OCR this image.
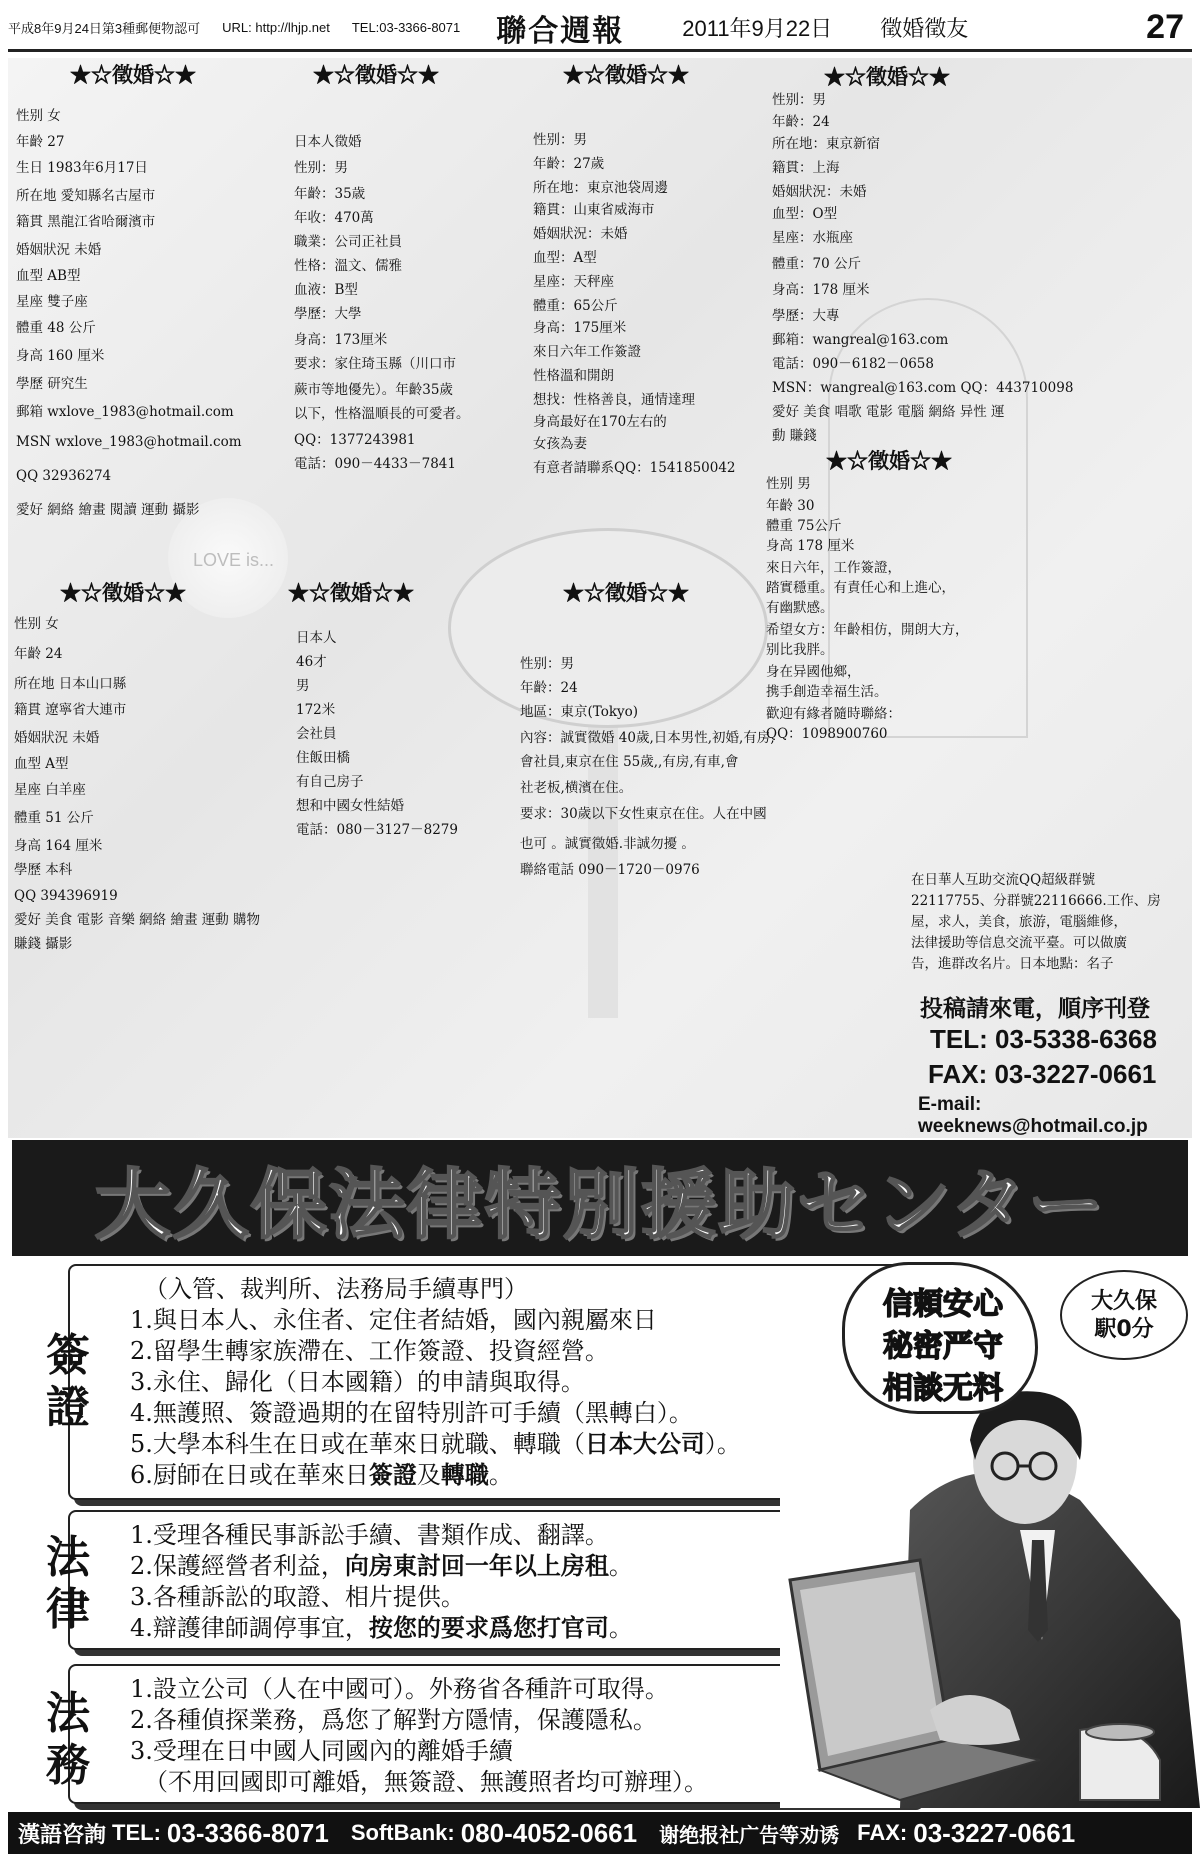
平成8年9月24日第3種郵便物認可 URL: http://lhjp.net TEL:03-3366-8071 聯合週報	2011年9月22日 徵婚徵友	27
LOVE is...
★☆徵婚☆★
性别 女
年齡 27
生日 1983年6月17日
所在地 愛知縣名古屋市
籍貫 黑龍江省哈爾濱市
婚姻狀況 未婚
血型 AB型
星座 雙子座
體重 48 公斤
身高 160 厘米
學歷 研究生
郵箱 wxlove_1983@hotmail.com
MSN wxlove_1983@hotmail.com
QQ 32936274
愛好 網絡 繪畫 閱讀 運動 攝影
★☆徵婚☆★
日本人徵婚
性别：男
年齡：35歳
年收：470萬
職業：公司正社員
性格：溫文、儒雅
血液：B型
學歷：大學
身高：173厘米
要求：家住琦玉縣（川口市
蕨市等地優先）。年齡35歲
以下，性格溫順長的可愛者。
QQ：1377243981
電話：090－4433－7841
★☆徵婚☆★
性别：男
年齡：27歲
所在地：東京池袋周邊
籍貫：山東省威海市
婚姻狀況：未婚
血型：A型
星座：天秤座
體重：65公斤
身高：175厘米
來日六年工作簽證
性格溫和開朗
想找：性格善良，通情達理
身高最好在170左右的
女孩為妻
有意者請聯系QQ：1541850042
★☆徵婚☆★
性别：男
年齡：24
所在地：東京新宿
籍貫：上海
婚姻狀況：未婚
血型：O型
星座：水瓶座
體重：70 公斤
身高：178 厘米
學歷：大專
郵箱：wangreal@163.com
電話：090－6182－0658
MSN：wangreal@163.com QQ：443710098
愛好 美食 唱歌 電影 電腦 網絡 异性 運
動 賺錢
★☆徵婚☆★
性别 男
年齡 30
體重 75公斤
身高 178 厘米
來日六年，工作簽證，
踏實穩重。有責任心和上進心，
有幽默感。
希望女方：年齡相仿，開朗大方，
别比我胖。
身在异國他鄉，
携手創造幸福生活。
歡迎有緣者隨時聯絡：
QQ：1098900760
★☆徵婚☆★
性别 女
年齡 24
所在地 日本山口縣
籍貫 遼寧省大連市
婚姻狀況 未婚
血型 A型
星座 白羊座
體重 51 公斤
身高 164 厘米
學歷 本科
QQ 394396919
愛好 美食 電影 音樂 網絡 繪畫 運動 購物
賺錢 攝影
★☆徵婚☆★
日本人
46才
男
172米
会社員
住飯田橋
有自己房子
想和中國女性結婚
電話：080－3127－8279
★☆徵婚☆★
性别：男
年齡：24
地區：東京(Tokyo)
內容：誠實徵婚 40歲,日本男性,初婚,有房,
會社員,東京在住 55歲,,有房,有車,會
社老板,横濱在住。
要求：30歲以下女性東京在住。人在中國
也可 。誠實徵婚.非誠勿擾 。
聯絡電話 090－1720－0976
在日華人互助交流QQ超級群號
22117755、分群號22116666.工作、房
屋，求人，美食，旅游，電腦維修，
法律援助等信息交流平臺。可以做廣
告，進群改名片。日本地點：名子
投稿請來電，順序刊登
TEL: 03-5338-6368
FAX: 03-3227-0661
E-mail: weeknews@hotmail.co.jp
大久保法律特別援助センター
（入管、裁判所、法務局手續專門）
1.與日本人、永住者、定住者結婚，國內親屬來日
2.留學生轉家族滯在、工作簽證、投資經營。
3.永住、歸化（日本國籍）的申請與取得。
4.無護照、簽證過期的在留特別許可手續（黑轉白）。
5.大學本科生在日或在華來日就職、轉職（日本大公司）。
6.厨師在日或在華來日簽證及轉職。
簽
證
1.受理各種民事訴訟手續、書類作成、翻譯。
2.保護經營者利益，向房東討回一年以上房租。
3.各種訴訟的取證、相片提供。
4.辯護律師調停事宜，按您的要求爲您打官司。
法
律
1.設立公司（人在中國可）。外務省各種許可取得。
2.各種偵探業務，爲您了解對方隱情，保護隱私。
3.受理在日中國人同國內的離婚手續
（不用回國即可離婚，無簽證、無護照者均可辦理）。
法
務
信頼安心
秘密严守
相談无料
大久保
駅0分
漢語咨詢 TEL: 03-3366-8071 SoftBank: 080-4052-0661 谢绝报社广告等劝诱 FAX: 03-3227-0661
